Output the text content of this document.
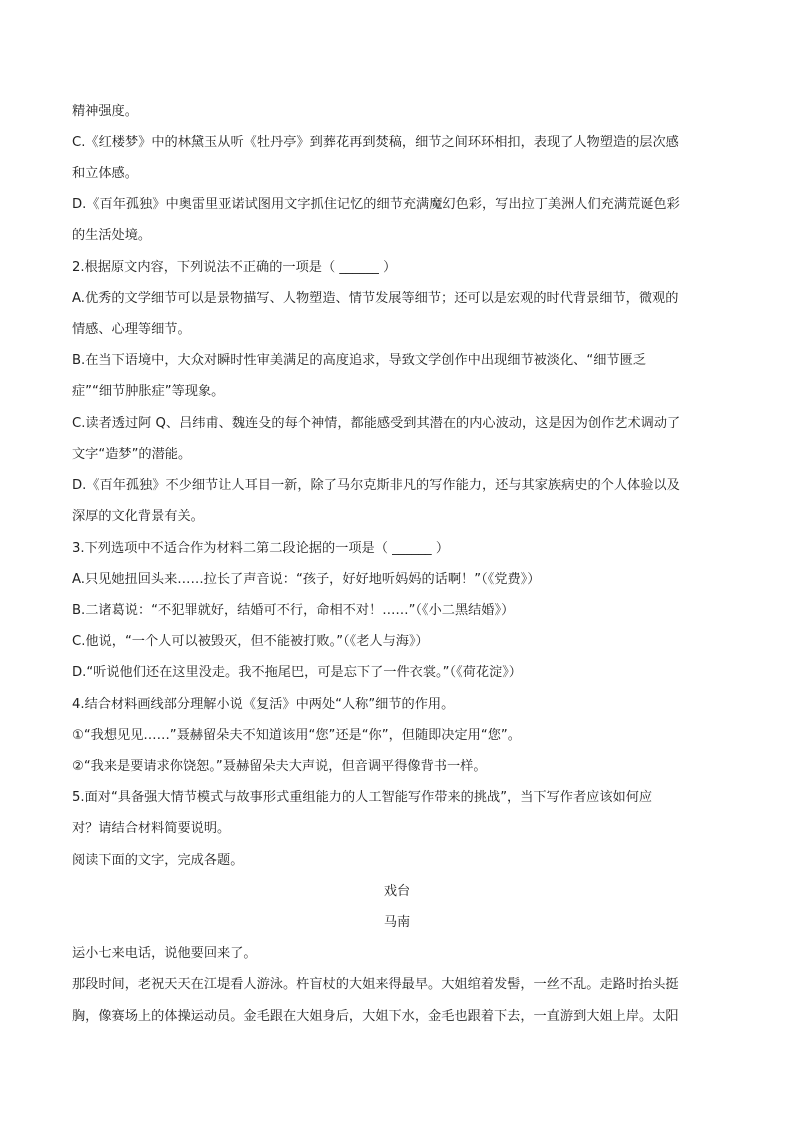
精神强度。
C.《红楼梦》中的林黛玉从听《牡丹亭》到葬花再到焚稿，细节之间环环相扣，表现了人物塑造的层次感
和立体感。
D.《百年孤独》中奥雷里亚诺试图用文字抓住记忆的细节充满魔幻色彩，写出拉丁美洲人们充满荒诞色彩
的生活处境。
2.根据原文内容，下列说法不正确的一项是（ ______ ）
A.优秀的文学细节可以是景物描写、人物塑造、情节发展等细节；还可以是宏观的时代背景细节，微观的
情感、心理等细节。
B.在当下语境中，大众对瞬时性审美满足的高度追求，导致文学创作中出现细节被淡化、“细节匮乏
症”“细节肿胀症”等现象。
C.读者透过阿 Q、吕纬甫、魏连殳的每个神情，都能感受到其潜在的内心波动，这是因为创作艺术调动了
文字“造梦”的潜能。
D.《百年孤独》不少细节让人耳目一新，除了马尔克斯非凡的写作能力，还与其家族病史的个人体验以及
深厚的文化背景有关。
3.下列选项中不适合作为材料二第二段论据的一项是（ ______ ）
A.只见她扭回头来……拉长了声音说：“孩子，好好地听妈妈的话啊！”（《党费》）
B.二诸葛说：“不犯罪就好，结婚可不行，命相不对！……”（《小二黑结婚》）
C.他说，“一个人可以被毁灭，但不能被打败。”（《老人与海》）
D.“听说他们还在这里没走。我不拖尾巴，可是忘下了一件衣裳。”（《荷花淀》）
4.结合材料画线部分理解小说《复活》中两处“人称”细节的作用。
①“我想见见……”聂赫留朵夫不知道该用“您”还是“你”，但随即决定用“您”。
②“我来是要请求你饶恕。”聂赫留朵夫大声说，但音调平得像背书一样。
5.面对“具备强大情节模式与故事形式重组能力的人工智能写作带来的挑战”，当下写作者应该如何应
对？请结合材料简要说明。
阅读下面的文字，完成各题。
戏台
马南
运小七来电话，说他要回来了。
那段时间，老祝天天在江堤看人游泳。杵盲杖的大姐来得最早。大姐绾着发髻，一丝不乱。走路时抬头挺
胸，像赛场上的体操运动员。金毛跟在大姐身后，大姐下水，金毛也跟着下去，一直游到大姐上岸。太阳
